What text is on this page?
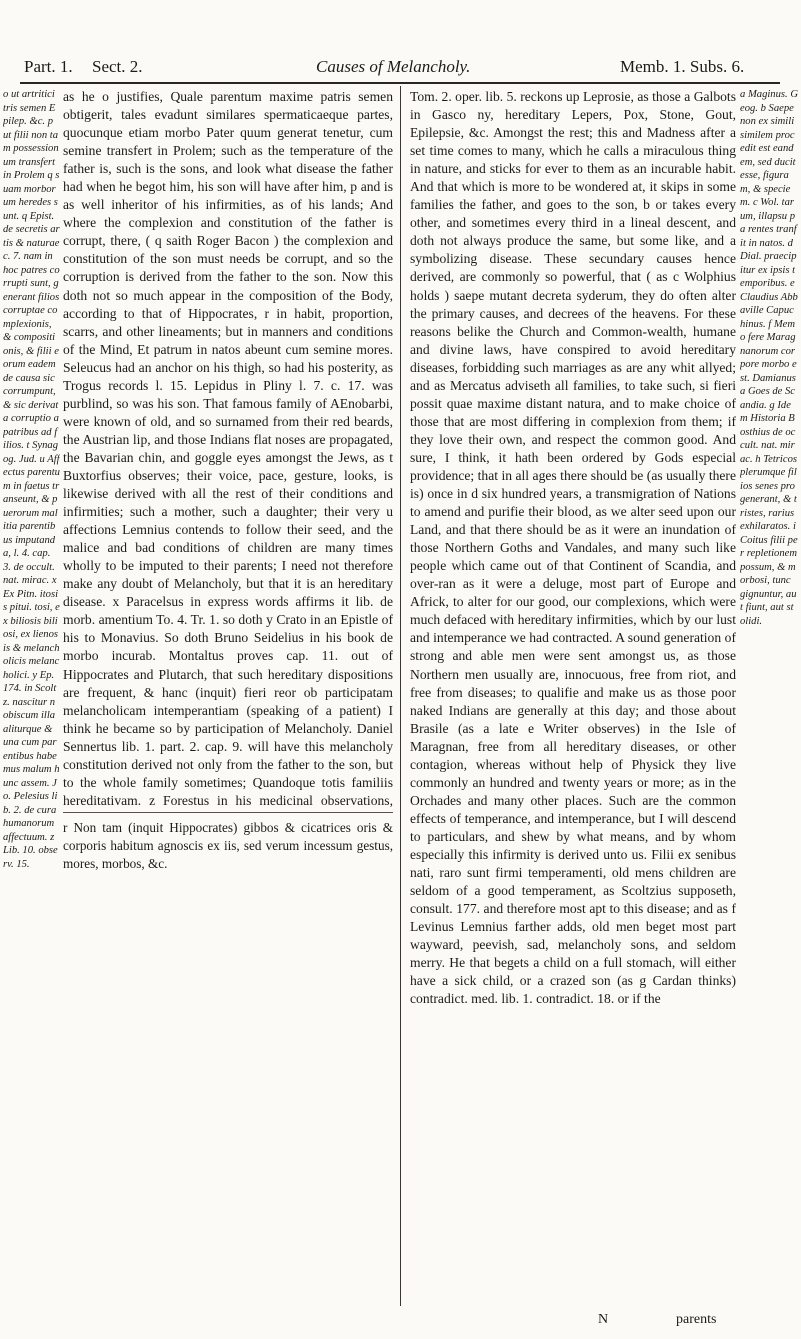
Part. 1. Sect. 2.	Causes of Melancholy.	Memb. 1. Subs. 6.
o ut artritici tris semen Epilep. &c. p ut filii non tam possessionum transfert in Prolem q suam morborum heredes sunt. q Epist. de secretis artis & naturae c. 7. nam in hoc patres corrupti sunt, generant filios corruptae complexionis, & compositionis, & filii eorum eadem de causa sic corrumpunt, & sic derivata corruptio a patribus ad filios. t Synagog. Jud. u Affectus parentum in faetus transeunt, & puerorum malitia parentibus imputanda, l. 4. cap. 3. de occult. nat. mirac. x Ex Pitn. itosis pitui. tosi, ex biliosis biliosi, ex lienosis & melancholicis melancholici. y Ep. 174. in Scoltz. nascitur nobiscum illa aliturque & una cum parentibus habemus malum hunc assem. Jo. Pelesius lib. 2. de cura humanorum affectuum. z Lib. 10. observ. 15.
as he o justifies, Quale parentum maxime patris semen obtigerit, tales evadunt similares spermaticaeque partes, quocunque etiam morbo Pater quum generat tenetur, cum semine transfert in Prolem; such as the temperature of the father is, such is the sons, and look what disease the father had when he begot him, his son will have after him, p and is as well inheritor of his infirmities, as of his lands; And where the complexion and constitution of the father is corrupt, there, ( q saith Roger Bacon ) the complexion and constitution of the son must needs be corrupt, and so the corruption is derived from the father to the son. Now this doth not so much appear in the composition of the Body, according to that of Hippocrates, r in habit, proportion, scarrs, and other lineaments; but in manners and conditions of the Mind, Et patrum in natos abeunt cum semine mores. Seleucus had an anchor on his thigh, so had his posterity, as Trogus records l. 15. Lepidus in Pliny l. 7. c. 17. was purblind, so was his son. That famous family of AEnobarbi, were known of old, and so surnamed from their red beards, the Austrian lip, and those Indians flat noses are propagated, the Bavarian chin, and goggle eyes amongst the Jews, as t Buxtorfius observes; their voice, pace, gesture, looks, is likewise derived with all the rest of their conditions and infirmities; such a mother, such a daughter; their very u affections Lemnius contends to follow their seed, and the malice and bad conditions of children are many times wholly to be imputed to their parents; I need not therefore make any doubt of Melancholy, but that it is an hereditary disease. x Paracelsus in express words affirms it lib. de morb. amentium To. 4. Tr. 1. so doth y Crato in an Epistle of his to Monavius. So doth Bruno Seidelius in his book de morbo incurab. Montaltus proves cap. 11. out of Hippocrates and Plutarch, that such hereditary dispositions are frequent, & hanc (inquit) fieri reor ob participatam melancholicam intemperantiam (speaking of a patient) I think he became so by participation of Melancholy. Daniel Sennertus lib. 1. part. 2. cap. 9. will have this melancholy constitution derived not only from the father to the son, but to the whole family sometimes; Quandoque totis familiis hereditativam. z Forestus in his medicinal observations,
r Non tam (inquit Hippocrates) gibbos & cicatrices oris & corporis habitum agnoscis ex iis, sed verum incessum gestus, mores, morbos, &c.
Tom. 2. oper. lib. 5. reckons up Leprosie, as those a Galbots in Gasco ny, hereditary Lepers, Pox, Stone, Gout, Epilepsie, &c. Amongst the rest; this and Madness after a set time comes to many, which he calls a miraculous thing in nature, and sticks for ever to them as an incurable habit. And that which is more to be wondered at, it skips in some families the father, and goes to the son, b or takes every other, and sometimes every third in a lineal descent, and doth not always produce the same, but some like, and a symbolizing disease. These secundary causes hence derived, are commonly so powerful, that ( as c Wolphius holds ) saepe mutant decreta syderum, they do often alter the primary causes, and decrees of the heavens. For these reasons belike the Church and Common-wealth, humane and divine laws, have conspired to avoid hereditary diseases, forbidding such marriages as are any whit allyed; and as Mercatus adviseth all families, to take such, si fieri possit quae maxime distant natura, and to make choice of those that are most differing in complexion from them; if they love their own, and respect the common good. And sure, I think, it hath been ordered by Gods especial providence; that in all ages there should be (as usually there is) once in d six hundred years, a transmigration of Nations to amend and purifie their blood, as we alter seed upon our Land, and that there should be as it were an inundation of those Northern Goths and Vandales, and many such like people which came out of that Continent of Scandia, and over-ran as it were a deluge, most part of Europe and Africk, to alter for our good, our complexions, which were much defaced with hereditary infirmities, which by our lust and intemperance we had contracted. A sound generation of strong and able men were sent amongst us, as those Northern men usually are, innocuous, free from riot, and free from diseases; to qualifie and make us as those poor naked Indians are generally at this day; and those about Brasile (as a late e Writer observes) in the Isle of Maragnan, free from all hereditary diseases, or other contagion, whereas without help of Physick they live commonly an hundred and twenty years or more; as in the Orchades and many other places. Such are the common effects of temperance, and intemperance, but I will descend to particulars, and shew by what means, and by whom especially this infirmity is derived unto us. Filii ex senibus nati, raro sunt firmi temperamenti, old mens children are seldom of a good temperament, as Scoltzius supposeth, consult. 177. and therefore most apt to this disease; and as f Levinus Lemnius farther adds, old men beget most part wayward, peevish, sad, melancholy sons, and seldom merry. He that begets a child on a full stomach, will either have a sick child, or a crazed son (as g Cardan thinks) contradict. med. lib. 1. contradict. 18. or if the
a Maginus. Geog. b Saepe non ex simili similem procedit est eandem, sed ducit esse, figuram, & speciem. c Wol. tarum, illapsu pa rentes tranfit in natos. d Dial. praecipitur ex ipsis temporibus. e Claudius Abbaville Capuchinus. f Memo fere Maragnanorum corpore morbo est. Damianus a Goes de Scandia. g Idem Historia Bosthius de occult. nat. mirac. h Tetricos plerumque filios senes progenerant, & tristes, rarius exhilaratos. i Coitus filii per repletionem possum, & morbosi, tunc gignuntur, aut fiunt, aut stolidi.
N	parents
